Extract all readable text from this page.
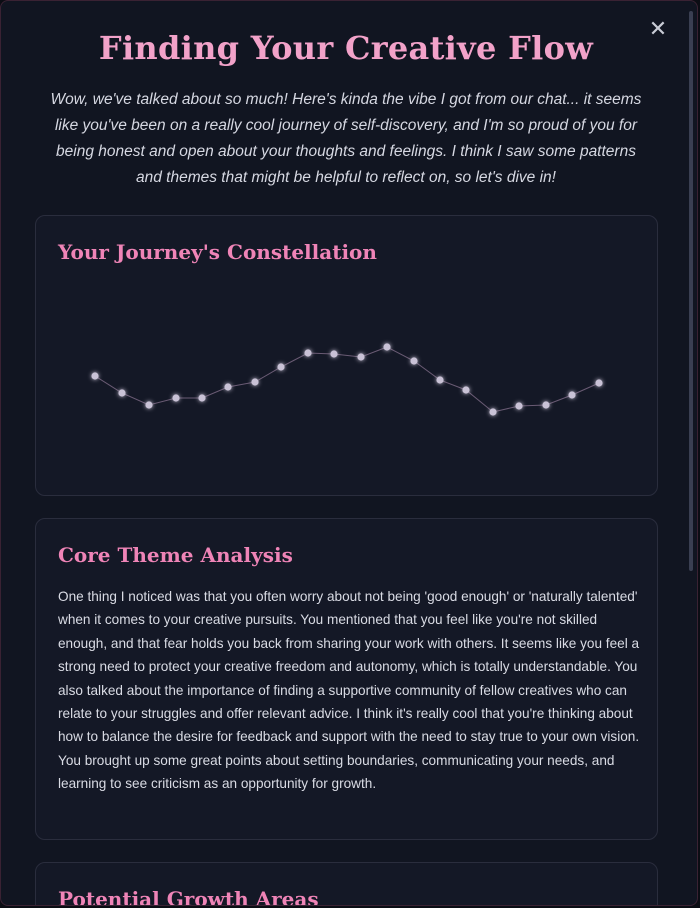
✕
Finding Your Creative Flow
Wow, we've talked about so much! Here's kinda the vibe I got from our chat... it seems like you've been on a really cool journey of self-discovery, and I'm so proud of you for being honest and open about your thoughts and feelings. I think I saw some patterns and themes that might be helpful to reflect on, so let's dive in!
Your Journey's Constellation
Core Theme Analysis
One thing I noticed was that you often worry about not being 'good enough' or 'naturally talented' when it comes to your creative pursuits. You mentioned that you feel like you're not skilled enough, and that fear holds you back from sharing your work with others. It seems like you feel a strong need to protect your creative freedom and autonomy, which is totally understandable. You also talked about the importance of finding a supportive community of fellow creatives who can relate to your struggles and offer relevant advice. I think it's really cool that you're thinking about how to balance the desire for feedback and support with the need to stay true to your own vision. You brought up some great points about setting boundaries, communicating your needs, and learning to see criticism as an opportunity for growth.
Potential Growth Areas
